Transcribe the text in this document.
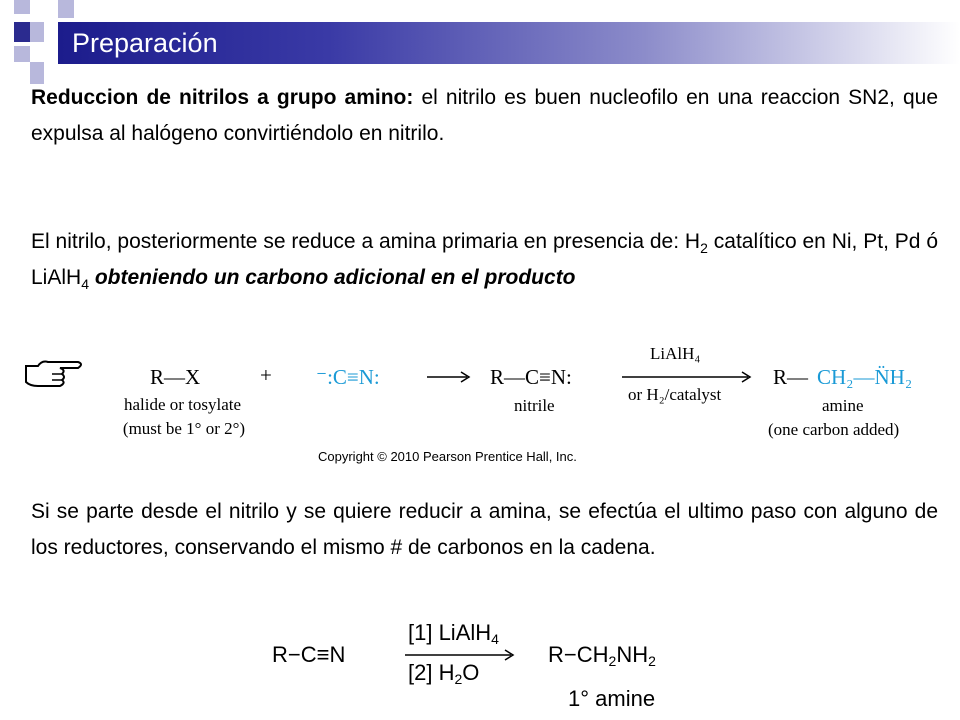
Preparación

Reduccion de nitrilos a grupo amino: el nitrilo es buen nucleofilo en una reaccion SN2, que expulsa al halógeno convirtiéndolo en nitrilo.

El nitrilo, posteriormente se reduce a amina primaria en presencia de: $H_2$ catalítico en Ni, Pt, Pd ó LiAlH$_4$ obteniendo un carbono adicional en el producto

R—X
halide or tosylate
(must be 1° or 2°)
+ ⁻:C≡N:	→ R—C≡N:
nitrile
LiAlH₄
or H₂/catalyst
R— CH₂—N̈H₂
amine
(one carbon added)
Copyright © 2010 Pearson Prentice Hall, Inc.

Si se parte desde el nitrilo y se quiere reducir a amina, se efectúa el ultimo paso con alguno de los reductores, conservando el mismo # de carbonos en la cadena.

R−C≡N
[1] LiAlH$_4$
[2] $H_2O$
$R-CH_2NH_2$
1° amine
